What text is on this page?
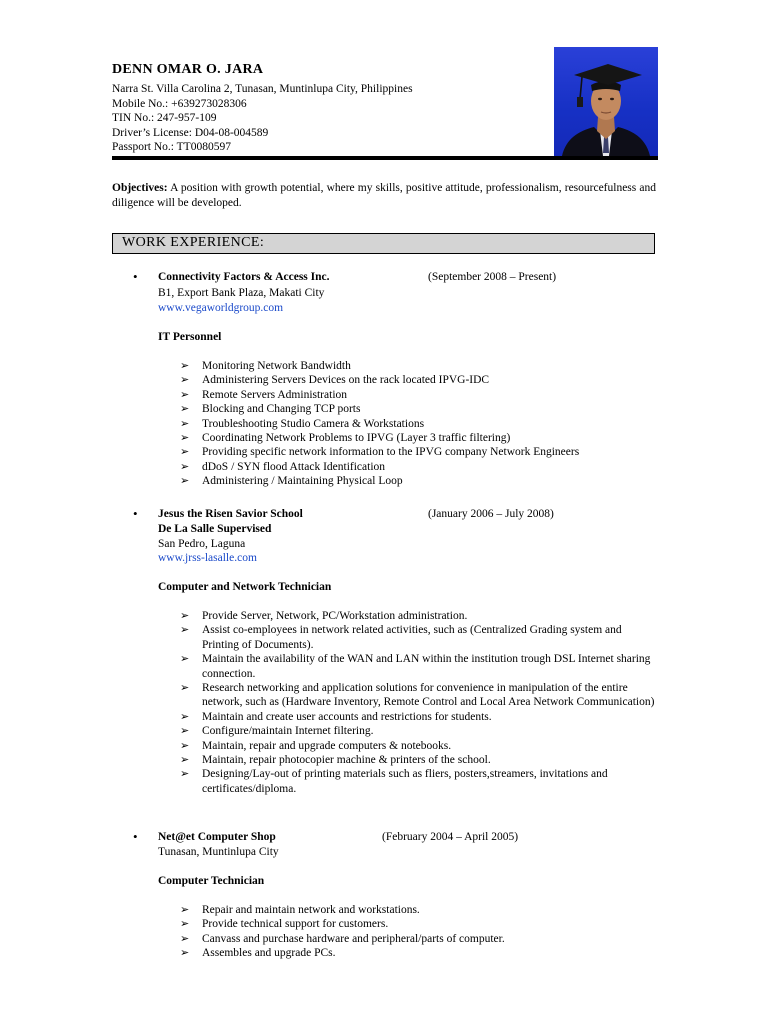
DENN OMAR O. JARA
Narra St. Villa Carolina 2, Tunasan, Muntinlupa City, Philippines
Mobile No.: +639273028306
TIN No.: 247-957-109
Driver’s License: D04-08-004589
Passport No.: TT0080597
Objectives: A position with growth potential, where my skills, positive attitude, professionalism, resourcefulness and diligence will be developed.
WORK EXPERIENCE:
• Connectivity Factors & Access Inc.	(September 2008 – Present)
B1, Export Bank Plaza, Makati City
www.vegaworldgroup.com
IT Personnel
➢ Monitoring Network Bandwidth
➢ Administering Servers Devices on the rack located IPVG-IDC
➢ Remote Servers Administration
➢ Blocking and Changing TCP ports
➢ Troubleshooting Studio Camera & Workstations
➢ Coordinating Network Problems to IPVG (Layer 3 traffic filtering)
➢ Providing specific network information to the IPVG company Network Engineers
➢ dDoS / SYN flood Attack Identification
➢ Administering / Maintaining Physical Loop
• Jesus the Risen Savior School	(January 2006 – July 2008)
De La Salle Supervised
San Pedro, Laguna
www.jrss-lasalle.com
Computer and Network Technician
➢ Provide Server, Network, PC/Workstation administration.
➢ Assist co-employees in network related activities, such as (Centralized Grading system and Printing of Documents).
➢ Maintain the availability of the WAN and LAN within the institution trough DSL Internet sharing connection.
➢ Research networking and application solutions for convenience in manipulation of the entire network, such as (Hardware Inventory, Remote Control and Local Area Network Communication)
➢ Maintain and create user accounts and restrictions for students.
➢ Configure/maintain Internet filtering.
➢ Maintain, repair and upgrade computers & notebooks.
➢ Maintain, repair photocopier machine & printers of the school.
➢ Designing/Lay-out of printing materials such as fliers, posters,streamers, invitations and certificates/diploma.
• Net@et Computer Shop	(February 2004 – April 2005)
Tunasan, Muntinlupa City
Computer Technician
➢ Repair and maintain network and workstations.
➢ Provide technical support for customers.
➢ Canvass and purchase hardware and peripheral/parts of computer.
➢ Assembles and upgrade PCs.
